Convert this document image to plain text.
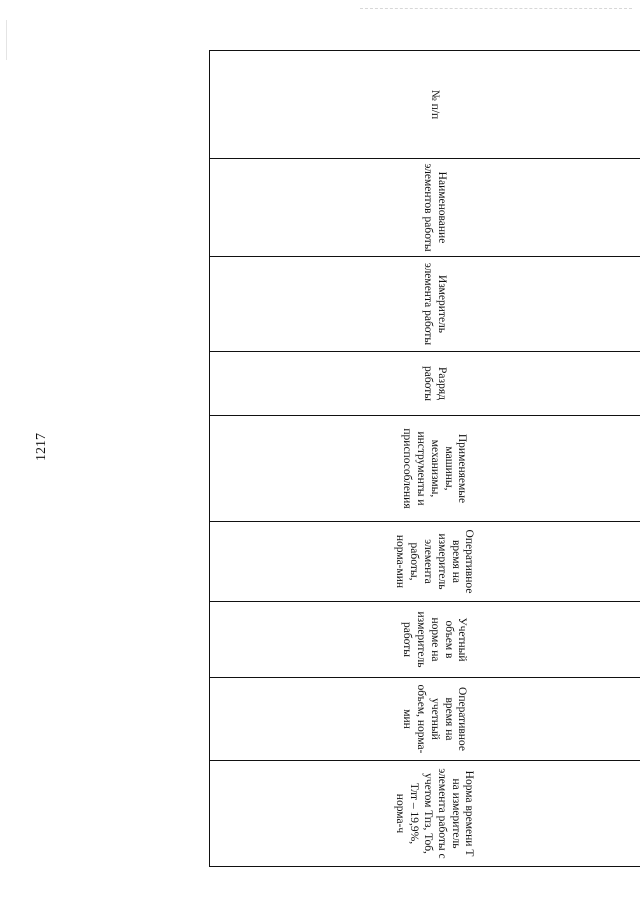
1217
№ п/п	Наименование элементов работы	Измеритель элемента работы	Разряд работы	Применяемые машины, механизмы, инструменты и приспособления	Оперативное время на измеритель элемента работы, норма-мин	Учетный объем в норме на измеритель работы	Оперативное время на учетный объем, норма-мин	Норма времени Т на измеритель элемента работы с учетом Тпз, Тоб, Тлт – 19,9%, норма-ч
